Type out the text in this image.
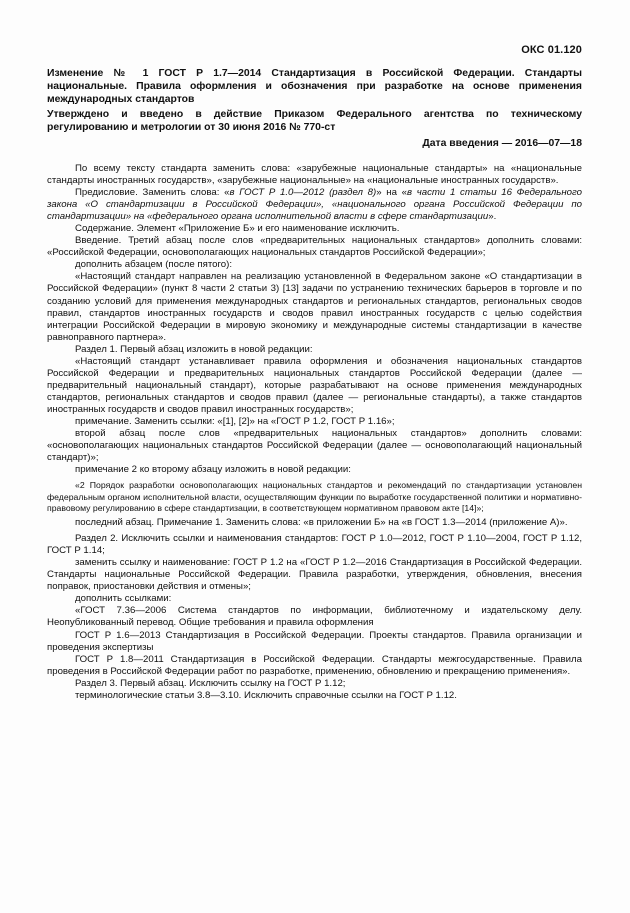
ОКС 01.120

Изменение № 1 ГОСТ Р 1.7—2014 Стандартизация в Российской Федерации. Стандарты национальные. Правила оформления и обозначения при разработке на основе применения международных стандартов

Утверждено и введено в действие Приказом Федерального агентства по техническому регулированию и метрологии от 30 июня 2016 № 770-ст

Дата введения — 2016—07—18

По всему тексту стандарта заменить слова: «зарубежные национальные стандарты» на «национальные стандарты иностранных государств», «зарубежные национальные» на «национальные иностранных государств».

Предисловие. Заменить слова: «в ГОСТ Р 1.0—2012 (раздел 8)» на «в части 1 статьи 16 Федерального закона «О стандартизации в Российской Федерации», «национального органа Российской Федерации по стандартизации» на «федерального органа исполнительной власти в сфере стандартизации».

Содержание. Элемент «Приложение Б» и его наименование исключить.

Введение. Третий абзац после слов «предварительных национальных стандартов» дополнить словами: «Российской Федерации, основополагающих национальных стандартов Российской Федерации»;

дополнить абзацем (после пятого):

«Настоящий стандарт направлен на реализацию установленной в Федеральном законе «О стандартизации в Российской Федерации» (пункт 8 части 2 статьи 3) [13] задачи по устранению технических барьеров в торговле и по созданию условий для применения международных стандартов и региональных стандартов, региональных сводов правил, стандартов иностранных государств и сводов правил иностранных государств с целью содействия интеграции Российской Федерации в мировую экономику и международные системы стандартизации в качестве равноправного партнера».

Раздел 1. Первый абзац изложить в новой редакции:

«Настоящий стандарт устанавливает правила оформления и обозначения национальных стандартов Российской Федерации и предварительных национальных стандартов Российской Федерации (далее — предварительный национальный стандарт), которые разрабатывают на основе применения международных стандартов, региональных стандартов и сводов правил (далее — региональные стандарты), а также стандартов иностранных государств и сводов правил иностранных государств»;

примечание. Заменить ссылки: «[1], [2]» на «ГОСТ Р 1.2, ГОСТ Р 1.16»;

второй абзац после слов «предварительных национальных стандартов» дополнить словами: «основополагающих национальных стандартов Российской Федерации (далее — основополагающий национальный стандарт)»;

примечание 2 ко второму абзацу изложить в новой редакции:

«2 Порядок разработки основополагающих национальных стандартов и рекомендаций по стандартизации установлен федеральным органом исполнительной власти, осуществляющим функции по выработке государственной политики и нормативно-правовому регулированию в сфере стандартизации, в соответствующем нормативном правовом акте [14]»;

последний абзац. Примечание 1. Заменить слова: «в приложении Б» на «в ГОСТ 1.3—2014 (приложение А)».

Раздел 2. Исключить ссылки и наименования стандартов: ГОСТ Р 1.0—2012, ГОСТ Р 1.10—2004, ГОСТ Р 1.12, ГОСТ Р 1.14;

заменить ссылку и наименование: ГОСТ Р 1.2 на «ГОСТ Р 1.2—2016 Стандартизация в Российской Федерации. Стандарты национальные Российской Федерации. Правила разработки, утверждения, обновления, внесения поправок, приостановки действия и отмены»;

дополнить ссылками:

«ГОСТ 7.36—2006 Система стандартов по информации, библиотечному и издательскому делу. Неопубликованный перевод. Общие требования и правила оформления

ГОСТ Р 1.6—2013 Стандартизация в Российской Федерации. Проекты стандартов. Правила организации и проведения экспертизы

ГОСТ Р 1.8—2011 Стандартизация в Российской Федерации. Стандарты межгосударственные. Правила проведения в Российской Федерации работ по разработке, применению, обновлению и прекращению применения».

Раздел 3. Первый абзац. Исключить ссылку на ГОСТ Р 1.12;

терминологические статьи 3.8—3.10. Исключить справочные ссылки на ГОСТ Р 1.12.
